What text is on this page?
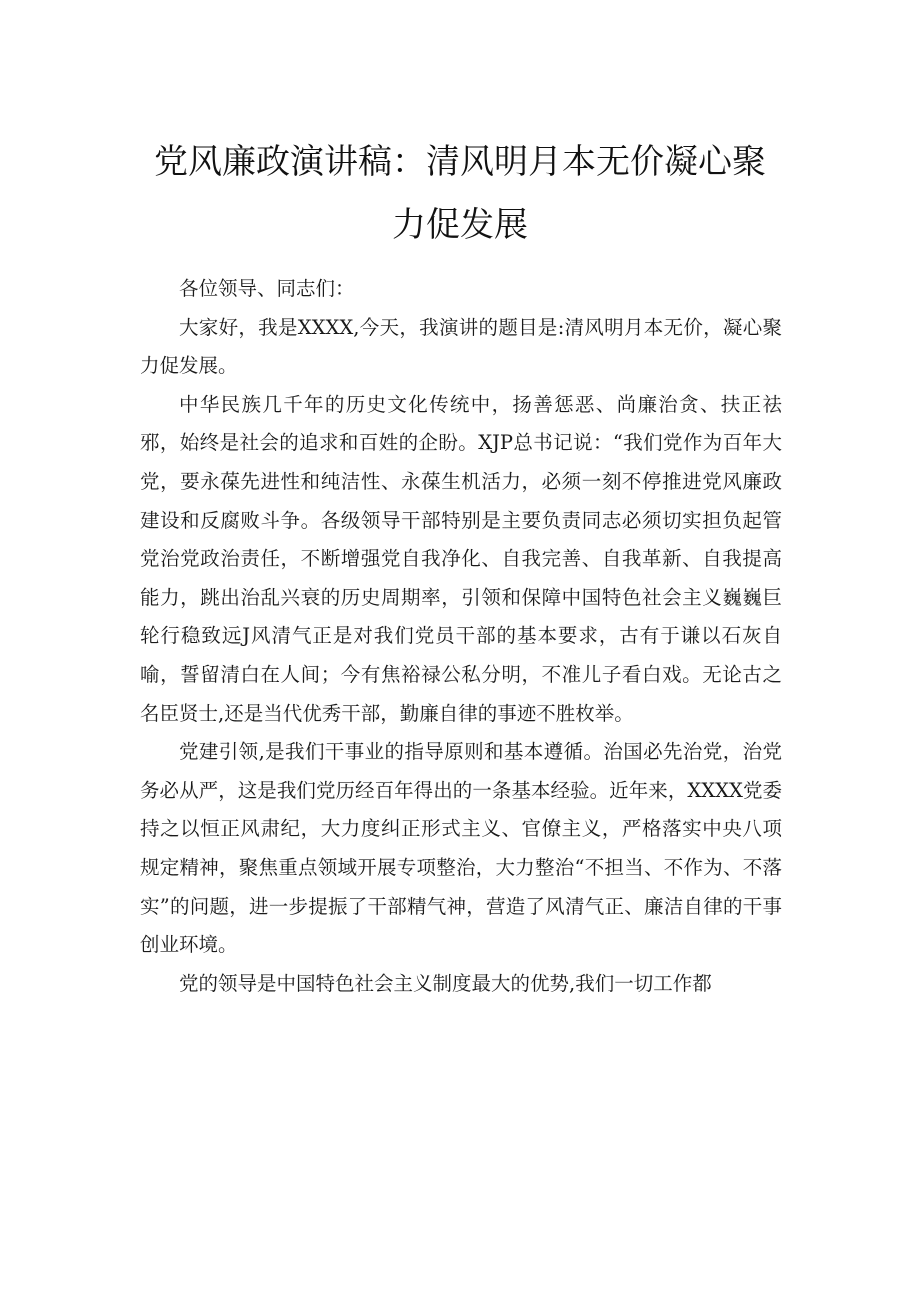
党风廉政演讲稿：清风明月本无价凝心聚
力促发展

各位领导、同志们：

大家好，我是XXXX,今天，我演讲的题目是:清风明月本无价，凝心聚力促发展。

中华民族几千年的历史文化传统中，扬善惩恶、尚廉治贪、扶正祛邪，始终是社会的追求和百姓的企盼。XJP总书记说：“我们党作为百年大党，要永葆先进性和纯洁性、永葆生机活力，必须一刻不停推进党风廉政建设和反腐败斗争。各级领导干部特别是主要负责同志必须切实担负起管党治党政治责任，不断增强党自我净化、自我完善、自我革新、自我提高能力，跳出治乱兴衰的历史周期率，引领和保障中国特色社会主义巍巍巨轮行稳致远J风清气正是对我们党员干部的基本要求，古有于谦以石灰自喻，誓留清白在人间；今有焦裕禄公私分明，不准儿子看白戏。无论古之名臣贤士,还是当代优秀干部，勤廉自律的事迹不胜枚举。

党建引领,是我们干事业的指导原则和基本遵循。治国必先治党，治党务必从严，这是我们党历经百年得出的一条基本经验。近年来，XXXX党委持之以恒正风肃纪，大力度纠正形式主义、官僚主义，严格落实中央八项规定精神，聚焦重点领域开展专项整治，大力整治“不担当、不作为、不落实”的问题，进一步提振了干部精气神，营造了风清气正、廉洁自律的干事创业环境。

党的领导是中国特色社会主义制度最大的优势,我们一切工作都
